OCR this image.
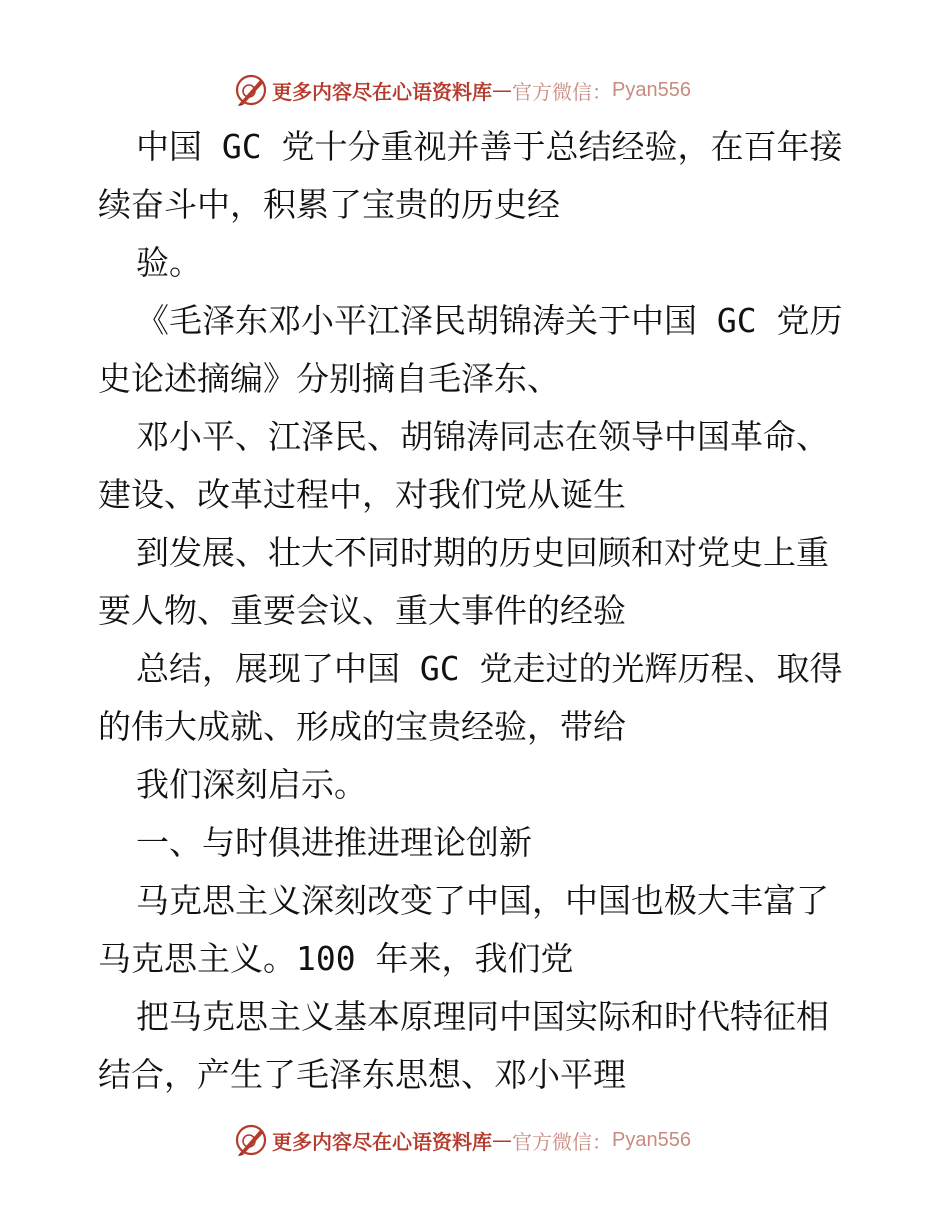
更多内容尽在心语资料库 — 官方微信： Pyan556
中国 GC 党十分重视并善于总结经验，在百年接
续奋斗中，积累了宝贵的历史经
验。
《毛泽东邓小平江泽民胡锦涛关于中国 GC 党历
史论述摘编》分别摘自毛泽东、
邓小平、江泽民、胡锦涛同志在领导中国革命、
建设、改革过程中，对我们党从诞生
到发展、壮大不同时期的历史回顾和对党史上重
要人物、重要会议、重大事件的经验
总结，展现了中国 GC 党走过的光辉历程、取得
的伟大成就、形成的宝贵经验，带给
我们深刻启示。
一、与时俱进推进理论创新
马克思主义深刻改变了中国，中国也极大丰富了
马克思主义。100 年来，我们党
把马克思主义基本原理同中国实际和时代特征相
结合，产生了毛泽东思想、邓小平理
更多内容尽在心语资料库 — 官方微信： Pyan556
